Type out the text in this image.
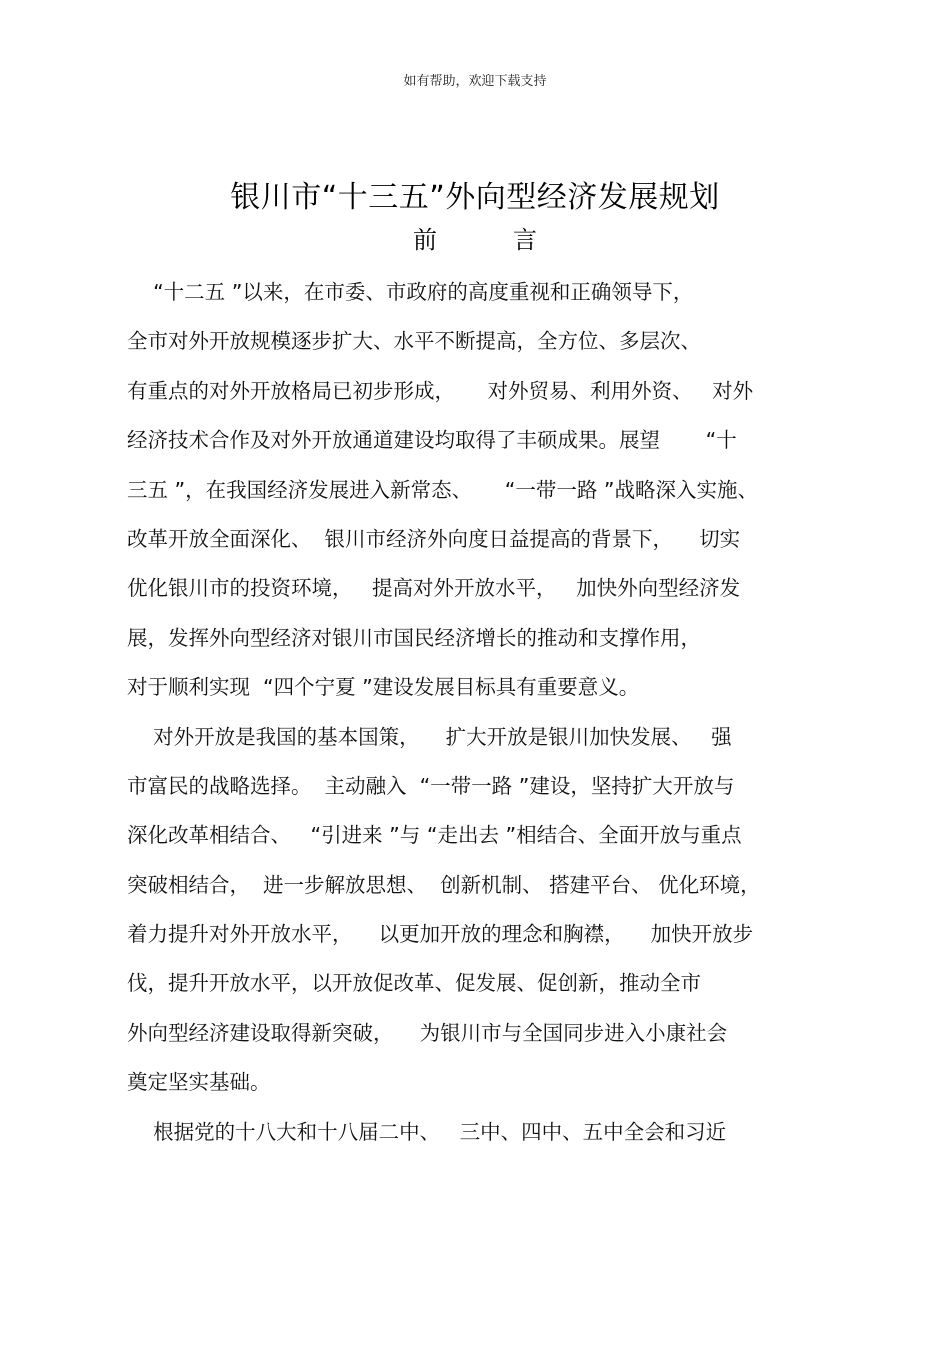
如有帮助，欢迎下载支持
银川市“十三五”外向型经济发展规划
前　言
“十二五 ”以来，在市委、市政府的高度重视和正确领导下，
全市对外开放规模逐步扩大、水平不断提高，全方位、多层次、
有重点的对外开放格局已初步形成，     对外贸易、利用外资、   对外
经济技术合作及对外开放通道建设均取得了丰硕成果。展望       “十
三五 ”，在我国经济发展进入新常态、     “一带一路 ”战略深入实施、
改革开放全面深化、  银川市经济外向度日益提高的背景下，    切实
优化银川市的投资环境，   提高对外开放水平，   加快外向型经济发
展，发挥外向型经济对银川市国民经济增长的推动和支撑作用，
对于顺利实现  “四个宁夏 ”建设发展目标具有重要意义。
对外开放是我国的基本国策，    扩大开放是银川加快发展、   强
市富民的战略选择。  主动融入  “一带一路 ”建设，坚持扩大开放与
深化改革相结合、   “引进来 ”与 “走出去 ”相结合、全面开放与重点
突破相结合，  进一步解放思想、  创新机制、 搭建平台、 优化环境，
着力提升对外开放水平，    以更加开放的理念和胸襟，    加快开放步
伐，提升开放水平，以开放促改革、促发展、促创新，推动全市
外向型经济建设取得新突破，    为银川市与全国同步进入小康社会
奠定坚实基础。
根据党的十八大和十八届二中、   三中、四中、五中全会和习近
